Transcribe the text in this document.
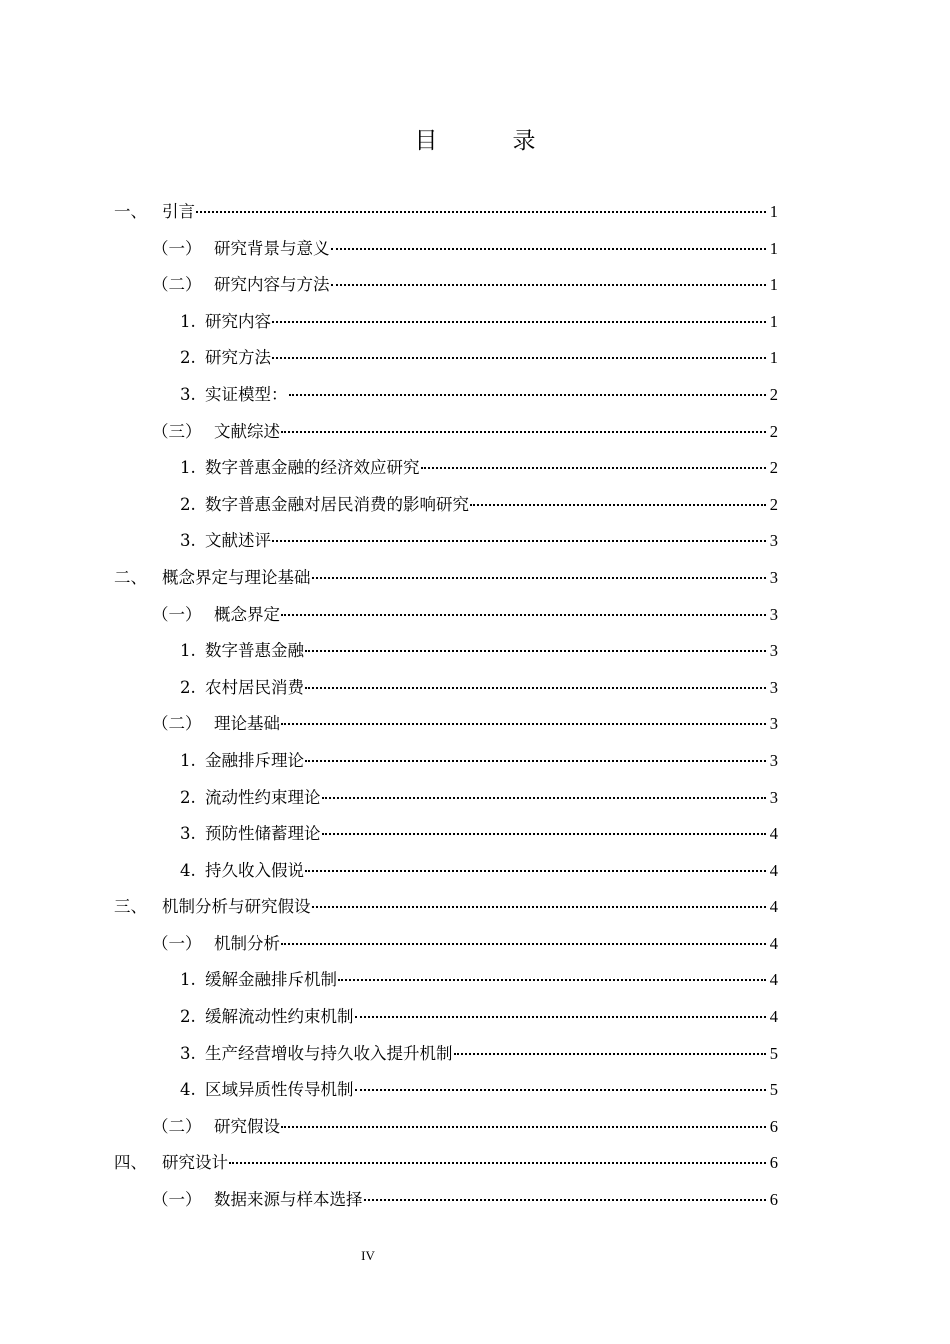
目　录
一、 引言	1
（一） 研究背景与意义	1
（二） 研究内容与方法	1
1. 研究内容	1
2. 研究方法	1
3. 实证模型：	2
（三） 文献综述	2
1. 数字普惠金融的经济效应研究	2
2. 数字普惠金融对居民消费的影响研究	2
3. 文献述评	3
二、 概念界定与理论基础	3
（一） 概念界定	3
1. 数字普惠金融	3
2. 农村居民消费	3
（二） 理论基础	3
1. 金融排斥理论	3
2. 流动性约束理论	3
3. 预防性储蓄理论	4
4. 持久收入假说	4
三、 机制分析与研究假设	4
（一） 机制分析	4
1. 缓解金融排斥机制	4
2. 缓解流动性约束机制	4
3. 生产经营增收与持久收入提升机制	5
4. 区域异质性传导机制	5
（二） 研究假设	6
四、 研究设计	6
（一） 数据来源与样本选择	6
IV
